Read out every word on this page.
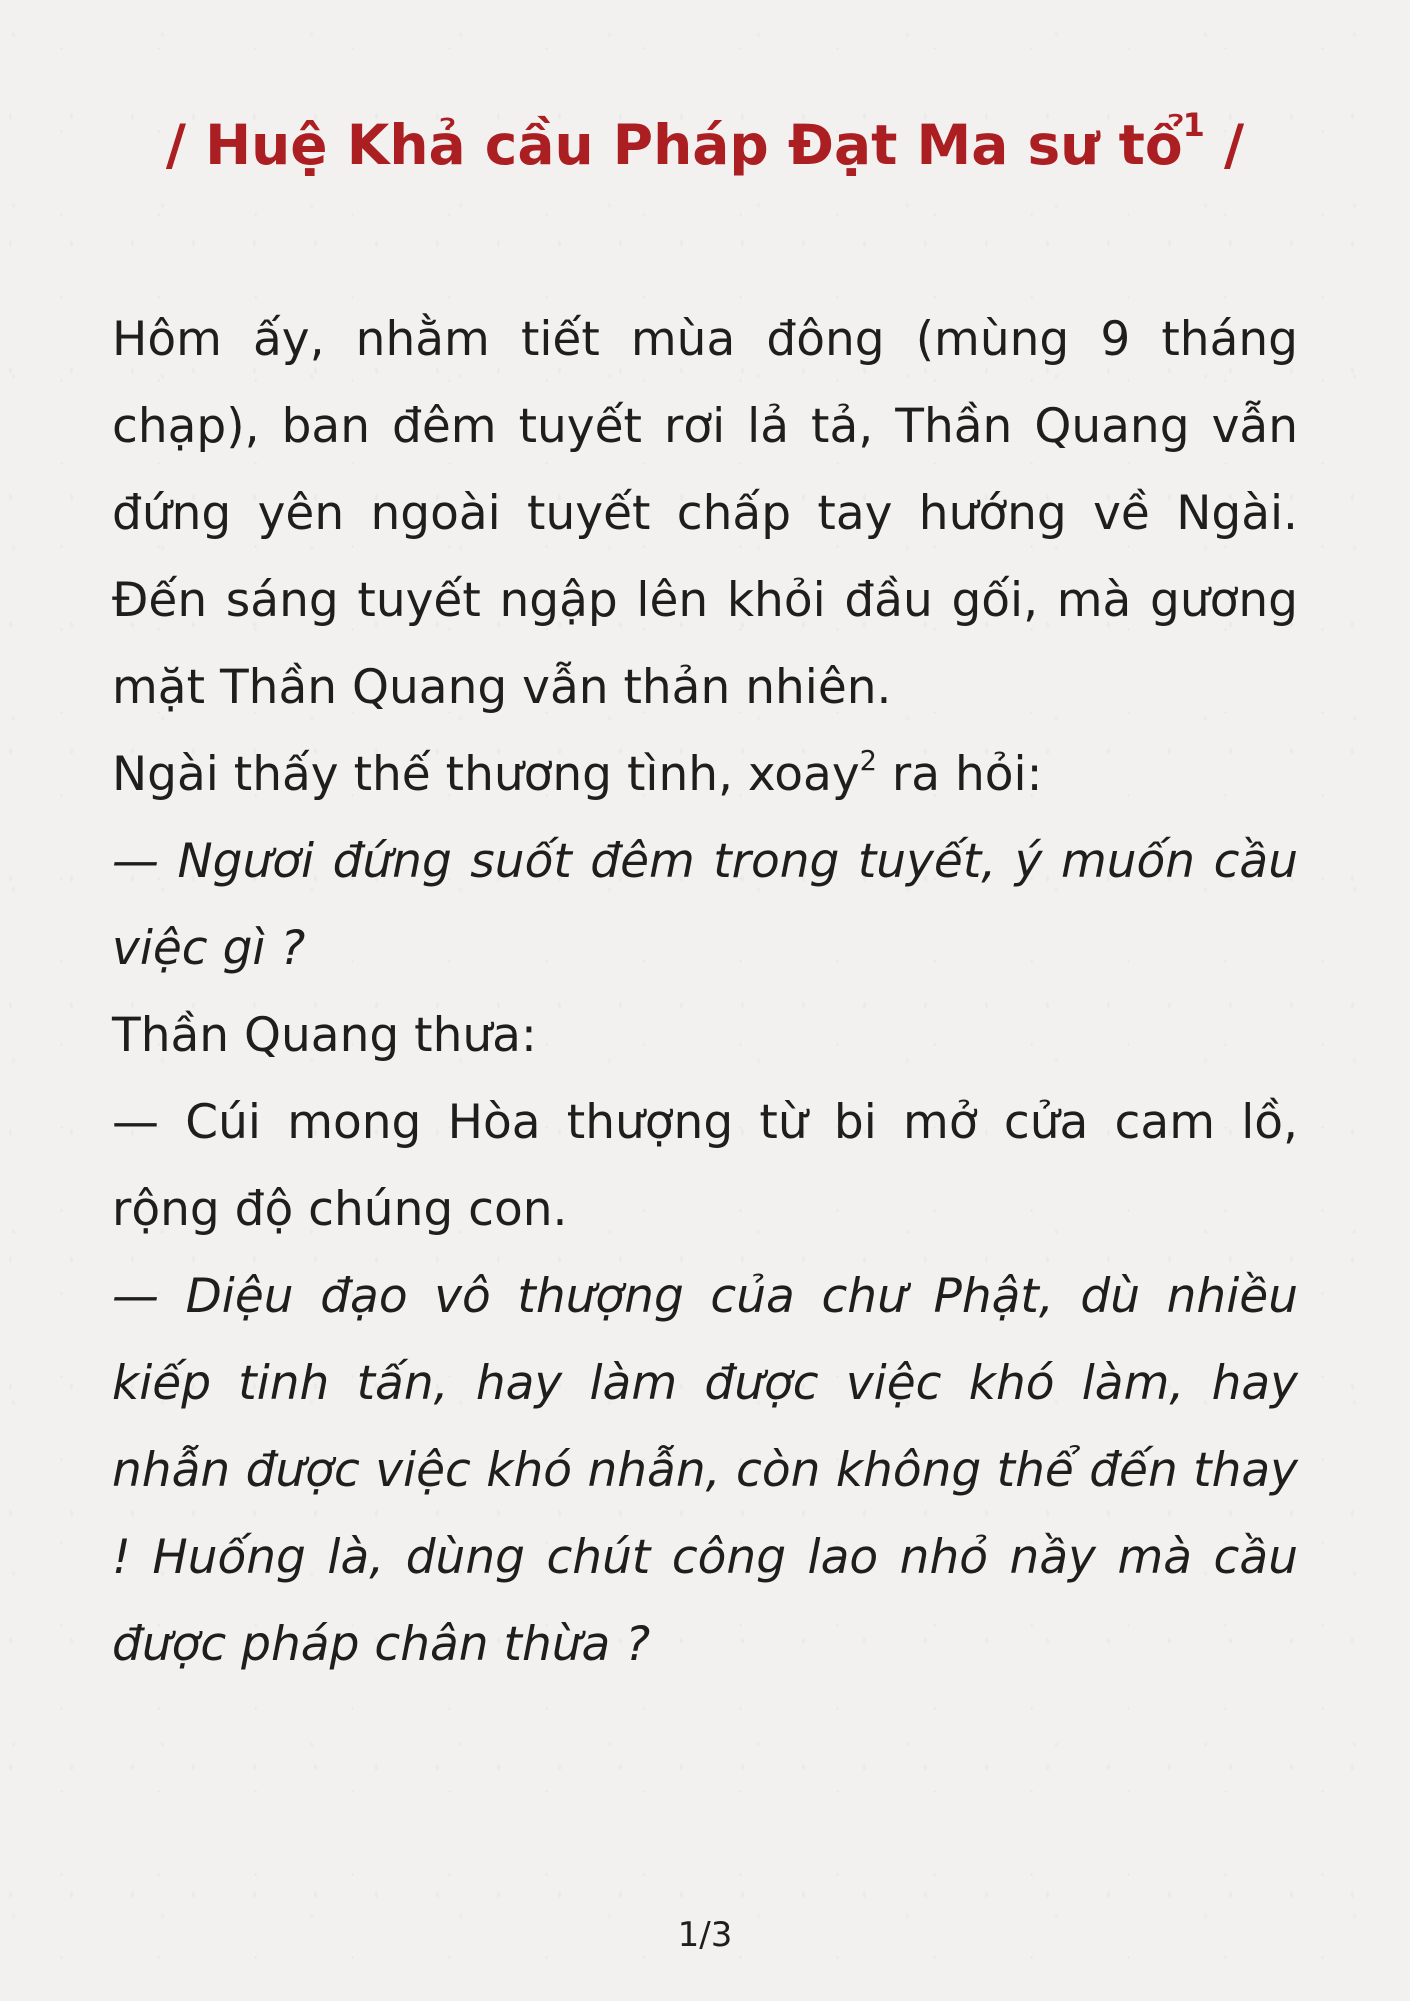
/ Huệ Khả cầu Pháp Đạt Ma sư tổ$^1$ /

Hôm ấy, nhằm tiết mùa đông (mùng 9 tháng chạp), ban đêm tuyết rơi lả tả, Thần Quang vẫn đứng yên ngoài tuyết chấp tay hướng về Ngài. Đến sáng tuyết ngập lên khỏi đầu gối, mà gương mặt Thần Quang vẫn thản nhiên.

Ngài thấy thế thương tình, xoay$^2$ ra hỏi:

— Ngươi đứng suốt đêm trong tuyết, ý muốn cầu việc gì ?

Thần Quang thưa:

— Cúi mong Hòa thượng từ bi mở cửa cam lồ, rộng độ chúng con.

— Diệu đạo vô thượng của chư Phật, dù nhiều kiếp tinh tấn, hay làm được việc khó làm, hay nhẫn được việc khó nhẫn, còn không thể đến thay ! Huống là, dùng chút công lao nhỏ nầy mà cầu được pháp chân thừa ?

1/3
